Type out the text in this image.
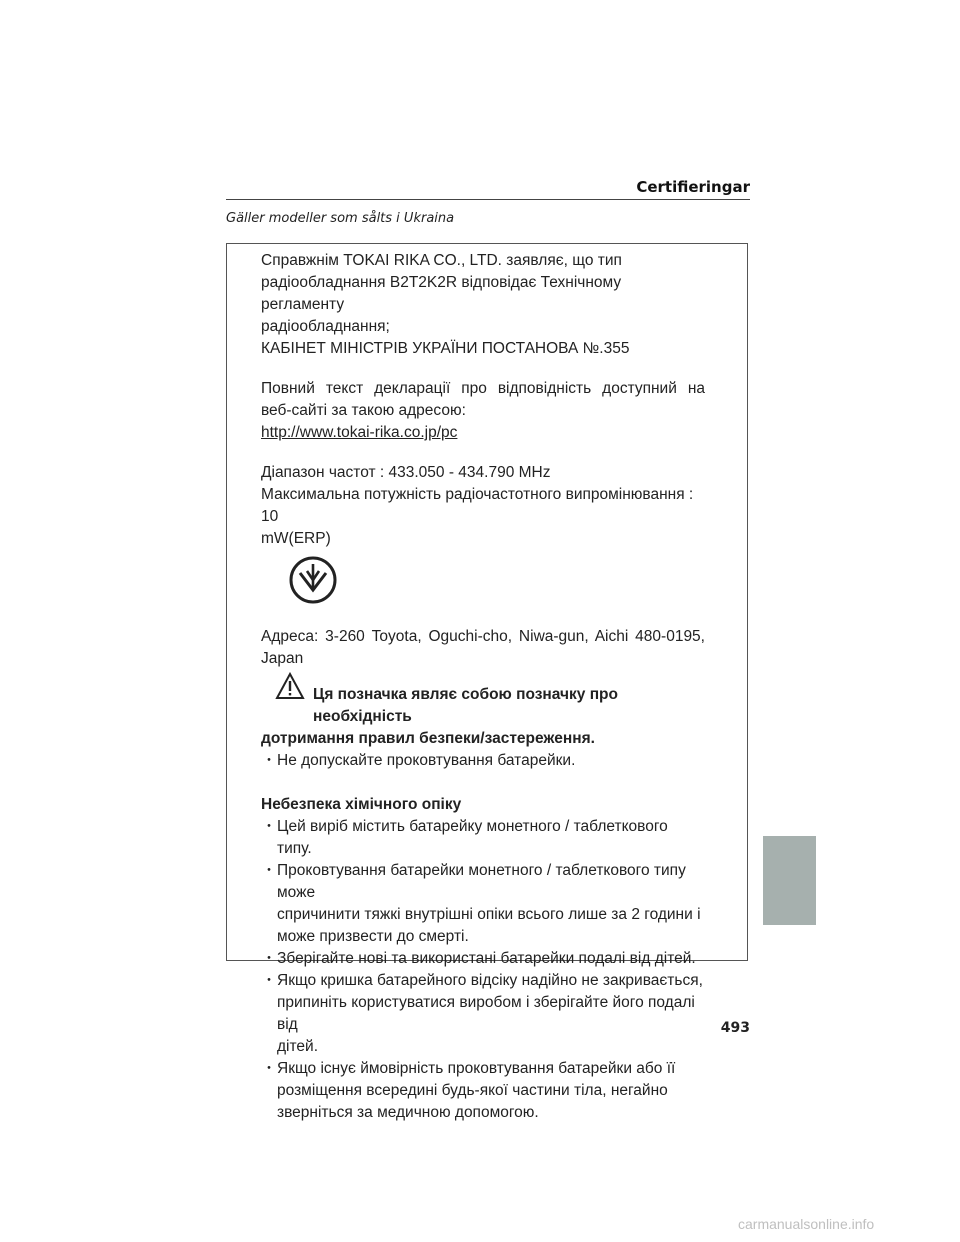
Certifieringar
Gäller modeller som sålts i Ukraina

Справжнім TOKAI RIKA CO., LTD. заявляє, що тип

радіообладнання B2T2K2R відповідає Технічному регламенту

радіообладнання;

КАБІНЕТ МІНІСТРІВ УКРАЇНИ ПОСТАНОВА №.355

Повний текст декларації про відповідність доступний на

веб-сайті за такою адресою:

http://www.tokai-rika.co.jp/pc

Діапазон частот : 433.050 - 434.790 MHz

Максимальна потужність радіочастотного випромінювання : 10

mW(ERP)

Адреса: 3-260 Toyota, Oguchi-cho, Niwa-gun, Aichi 480-0195,

Japan

Ця позначка являє собою позначку про необхідність

дотримання правил безпеки/застереження.

・Не допускайте проковтування батарейки.

Небезпека хімічного опіку

・Цей виріб містить батарейку монетного / таблеткового типу.

・Проковтування батарейки монетного / таблеткового типу може

спричинити тяжкі внутрішні опіки всього лише за 2 години і

може призвести до смерті.

・Зберігайте нові та використані батарейки подалі від дітей.

・Якщо кришка батарейного відсіку надійно не закривається,

припиніть користуватися виробом і зберігайте його подалі від

дітей.

・Якщо існує ймовірність проковтування батарейки або її

розміщення всередині будь-якої частини тіла, негайно

зверніться за медичною допомогою.

493
carmanualsonline.info
